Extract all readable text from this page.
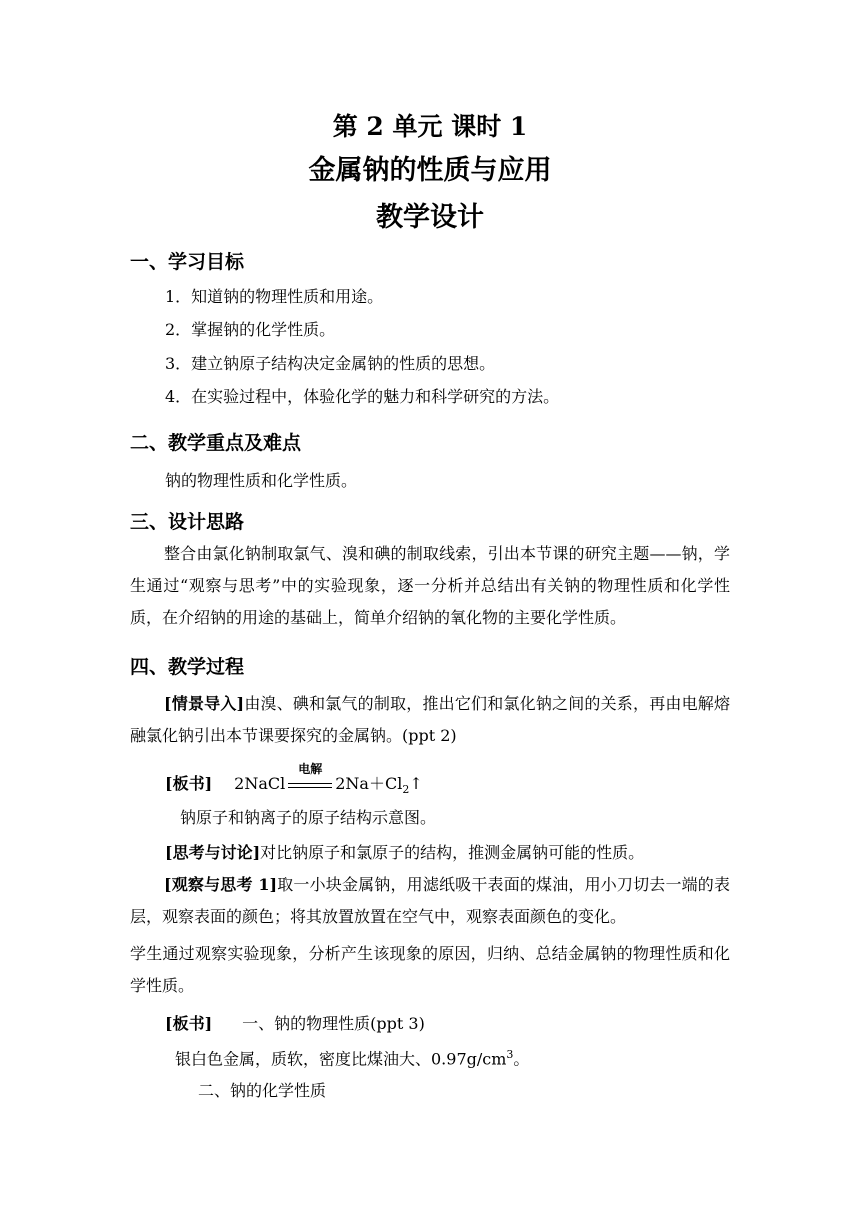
第 2 单元 课时 1
金属钠的性质与应用
教学设计
一、学习目标

1．知道钠的物理性质和用途。

2．掌握钠的化学性质。

3．建立钠原子结构决定金属钠的性质的思想。

4．在实验过程中，体验化学的魅力和科学研究的方法。

二、教学重点及难点

钠的物理性质和化学性质。

三、设计思路

整合由氯化钠制取氯气、溴和碘的制取线索，引出本节课的研究主题——钠，学生通过“观察与思考”中的实验现象，逐一分析并总结出有关钠的物理性质和化学性质，在介绍钠的用途的基础上，简单介绍钠的氧化物的主要化学性质。

四、教学过程

[情景导入]由溴、碘和氯气的制取，推出它们和氯化钠之间的关系，再由电解熔融氯化钠引出本节课要探究的金属钠。(ppt 2)

[板书] 2NaCl
电解
$2Na+Cl_2↑$

钠原子和钠离子的原子结构示意图。

[思考与讨论]对比钠原子和氯原子的结构，推测金属钠可能的性质。

[观察与思考 1]取一小块金属钠，用滤纸吸干表面的煤油，用小刀切去一端的表层，观察表面的颜色；将其放置放置在空气中，观察表面颜色的变化。

学生通过观察实验现象，分析产生该现象的原因，归纳、总结金属钠的物理性质和化学性质。

[板书] 一、钠的物理性质(ppt 3)

银白色金属，质软，密度比煤油大、$0.97g/cm^3$。

二、钠的化学性质
